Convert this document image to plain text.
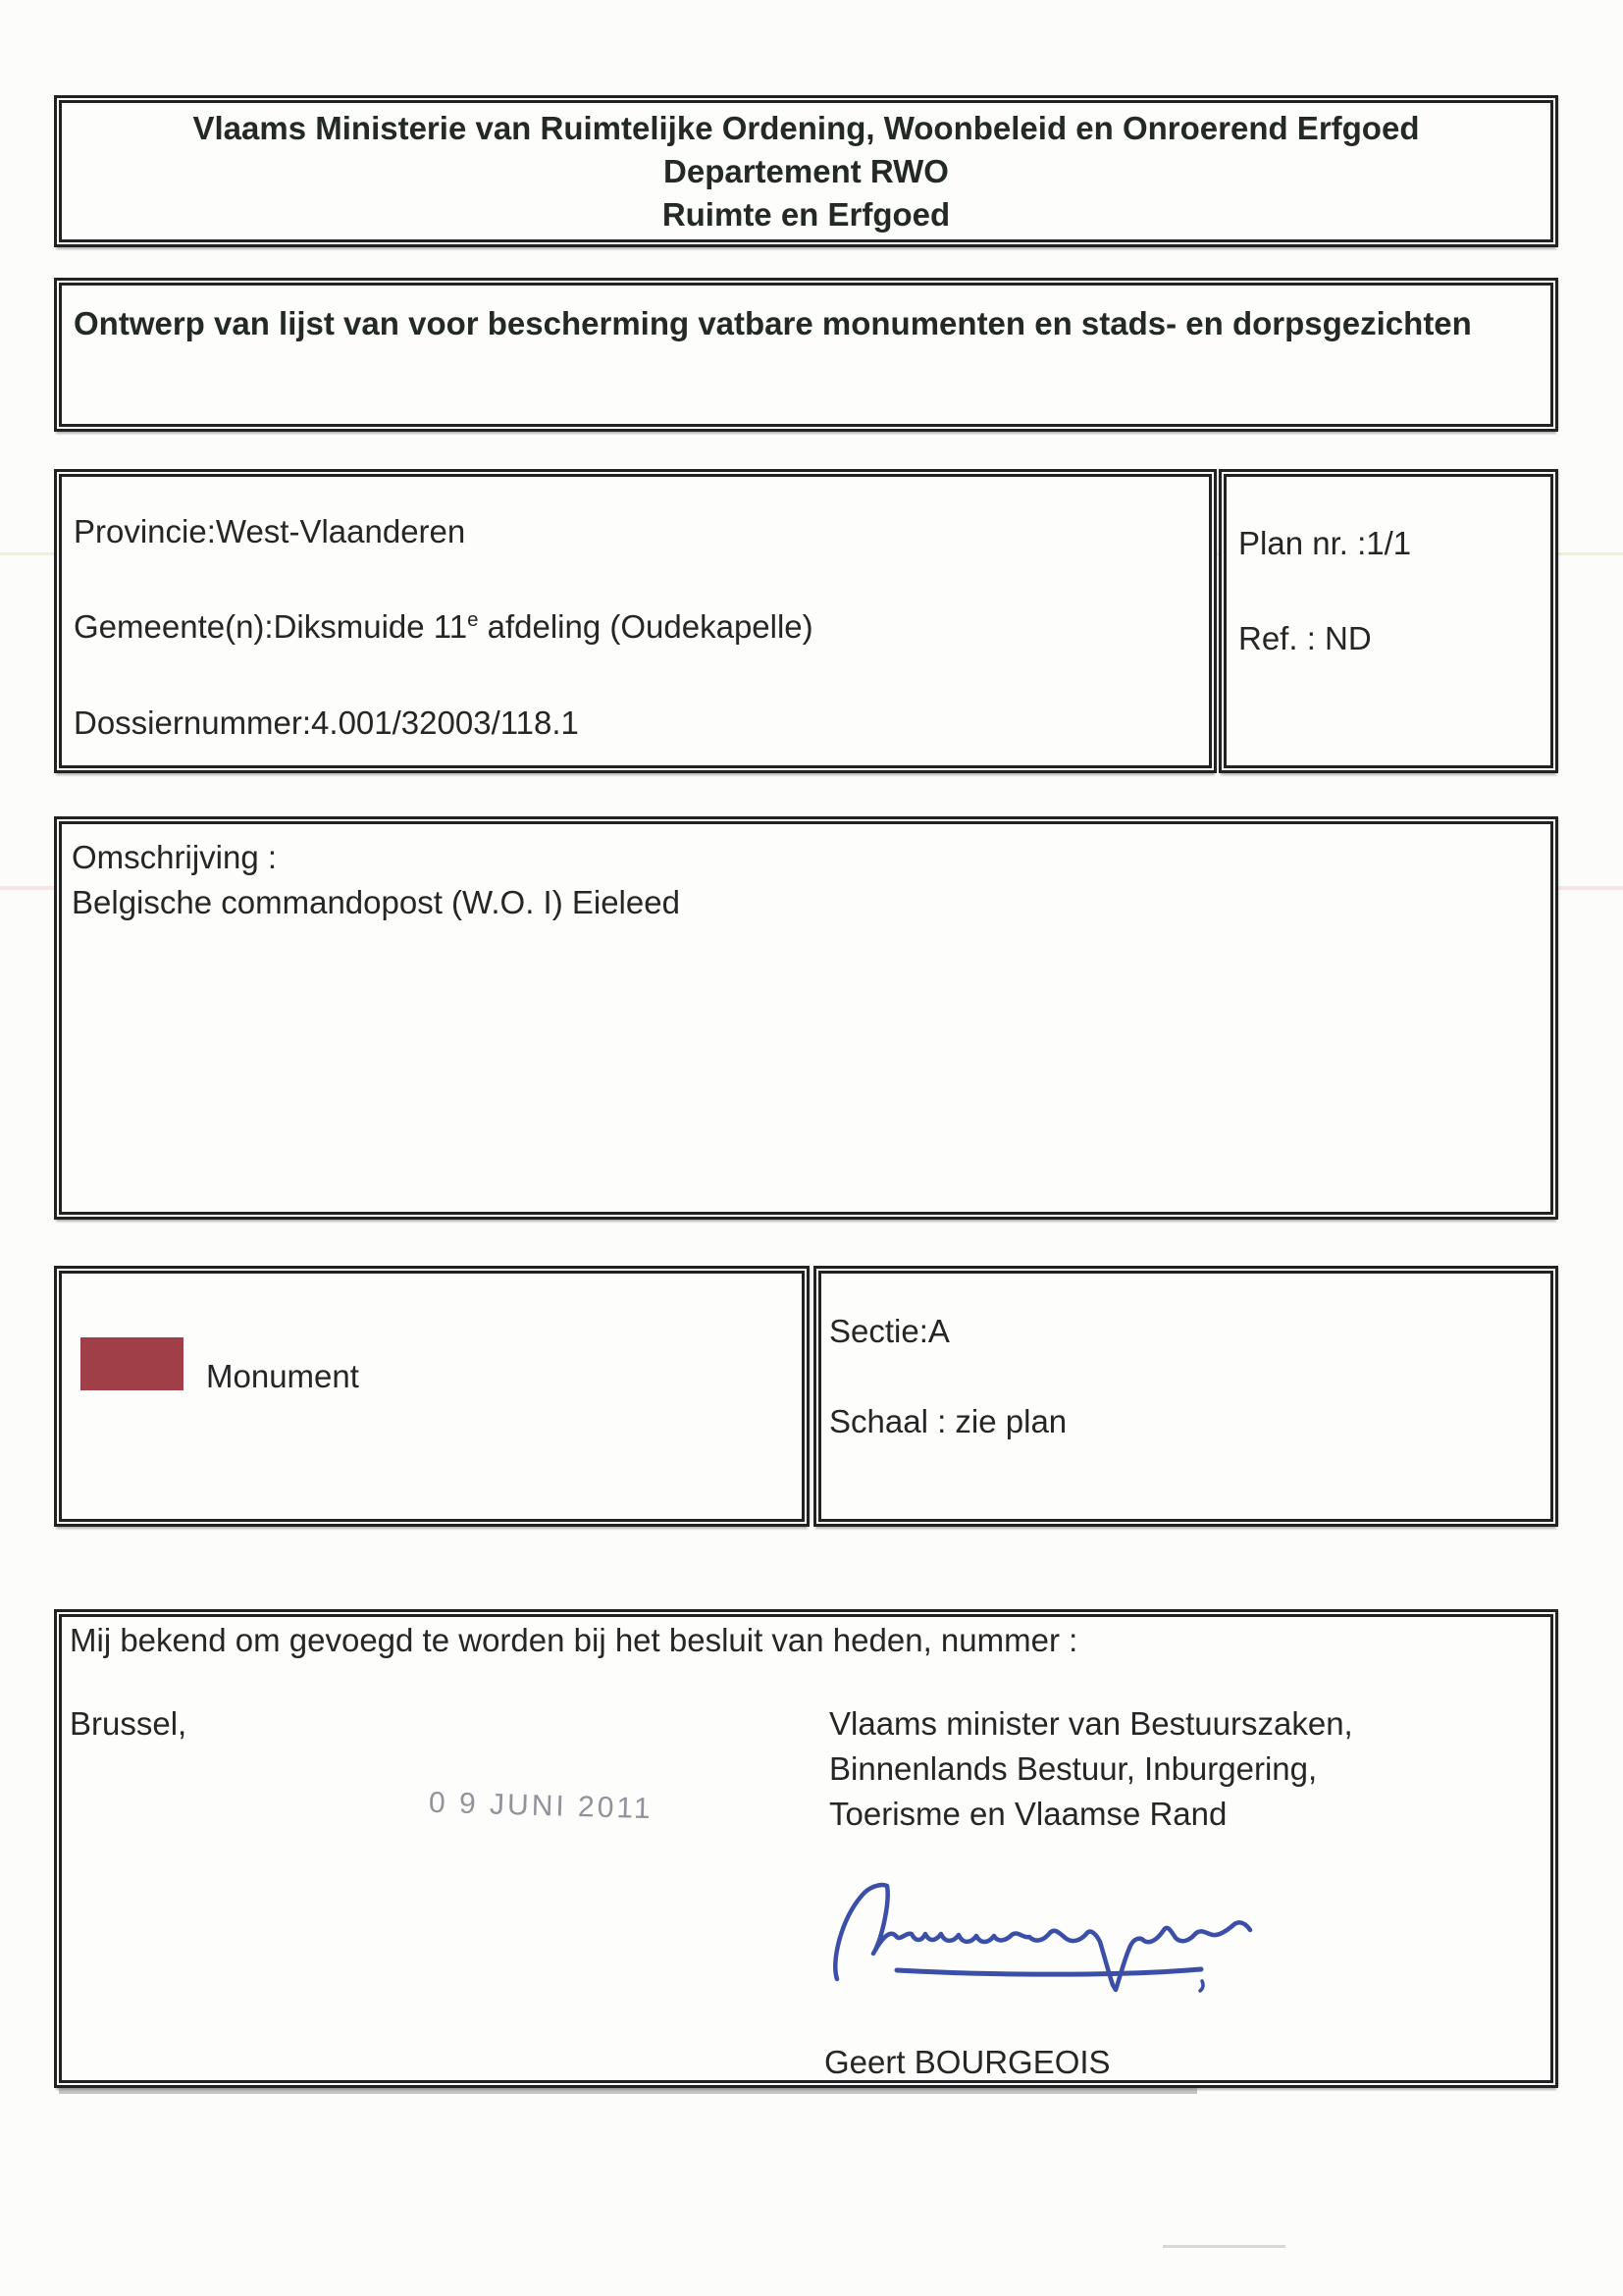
Vlaams Ministerie van Ruimtelijke Ordening, Woonbeleid en Onroerend Erfgoed
Departement RWO
Ruimte en Erfgoed
Ontwerp van lijst van voor bescherming vatbare monumenten en stads- en dorpsgezichten
Provincie:West-Vlaanderen
Gemeente(n):Diksmuide 11e afdeling (Oudekapelle)
Dossiernummer:4.001/32003/118.1
Plan nr. :1/1
Ref. : ND
Omschrijving :
Belgische commandopost (W.O. I) Eieleed
Monument
Sectie:A
Schaal : zie plan
Mij bekend om gevoegd te worden bij het besluit van heden, nummer :
Brussel,
0 9 JUNI 2011
Vlaams minister van Bestuurszaken,
Binnenlands Bestuur, Inburgering,
Toerisme en Vlaamse Rand
Geert BOURGEOIS
